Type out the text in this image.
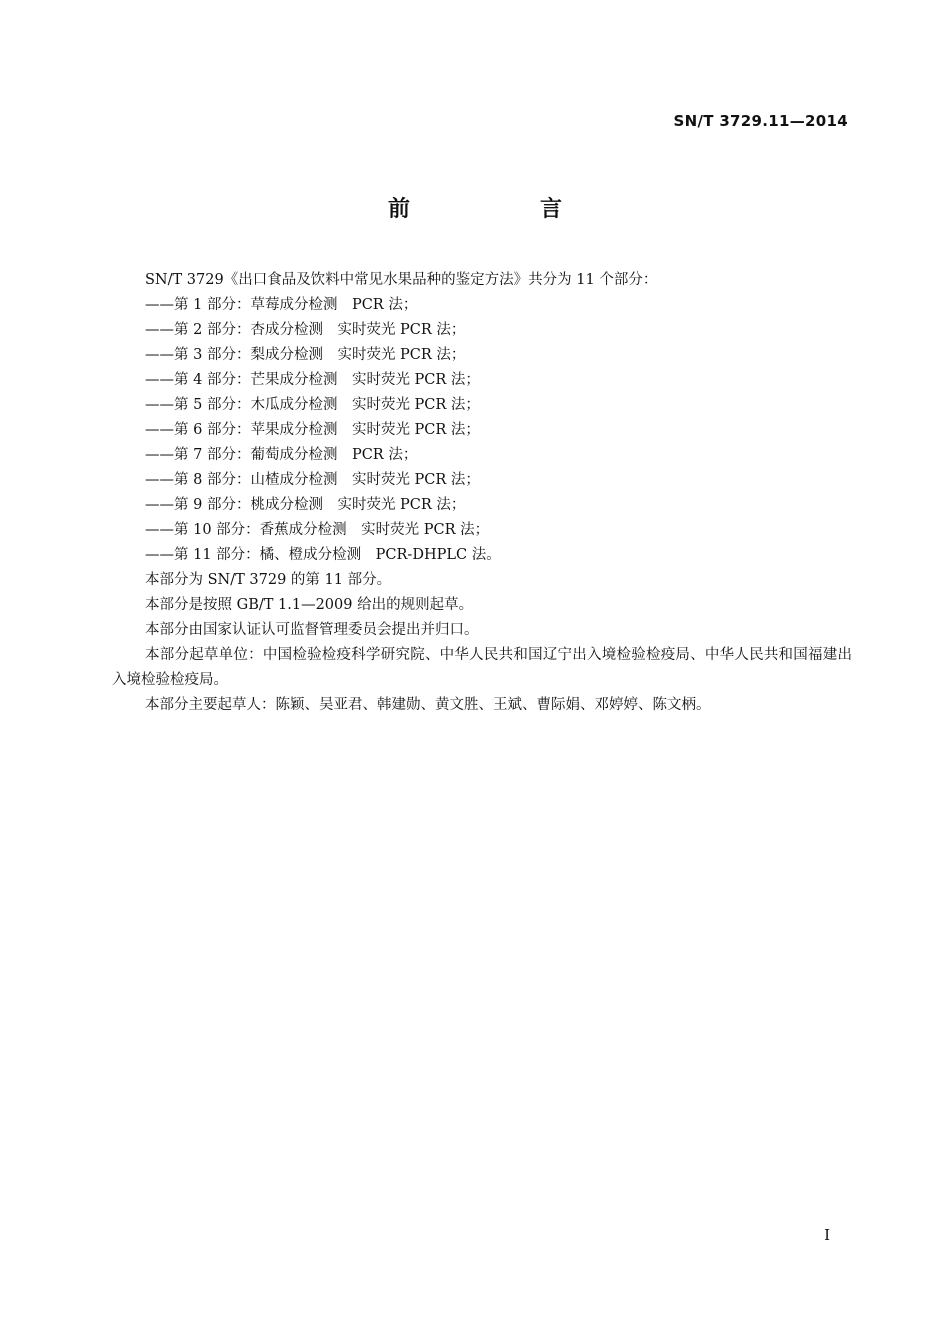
SN/T 3729.11—2014
前　言
SN/T 3729《出口食品及饮料中常见水果品种的鉴定方法》共分为 11 个部分：
——第 1 部分：草莓成分检测　PCR 法；
——第 2 部分：杏成分检测　实时荧光 PCR 法；
——第 3 部分：梨成分检测　实时荧光 PCR 法；
——第 4 部分：芒果成分检测　实时荧光 PCR 法；
——第 5 部分：木瓜成分检测　实时荧光 PCR 法；
——第 6 部分：苹果成分检测　实时荧光 PCR 法；
——第 7 部分：葡萄成分检测　PCR 法；
——第 8 部分：山楂成分检测　实时荧光 PCR 法；
——第 9 部分：桃成分检测　实时荧光 PCR 法；
——第 10 部分：香蕉成分检测　实时荧光 PCR 法；
——第 11 部分：橘、橙成分检测　PCR-DHPLC 法。
本部分为 SN/T 3729 的第 11 部分。
本部分是按照 GB/T 1.1—2009 给出的规则起草。
本部分由国家认证认可监督管理委员会提出并归口。
本部分起草单位：中国检验检疫科学研究院、中华人民共和国辽宁出入境检验检疫局、中华人民共和国福建出入境检验检疫局。
本部分主要起草人：陈颖、吴亚君、韩建勋、黄文胜、王斌、曹际娟、邓婷婷、陈文柄。
I
